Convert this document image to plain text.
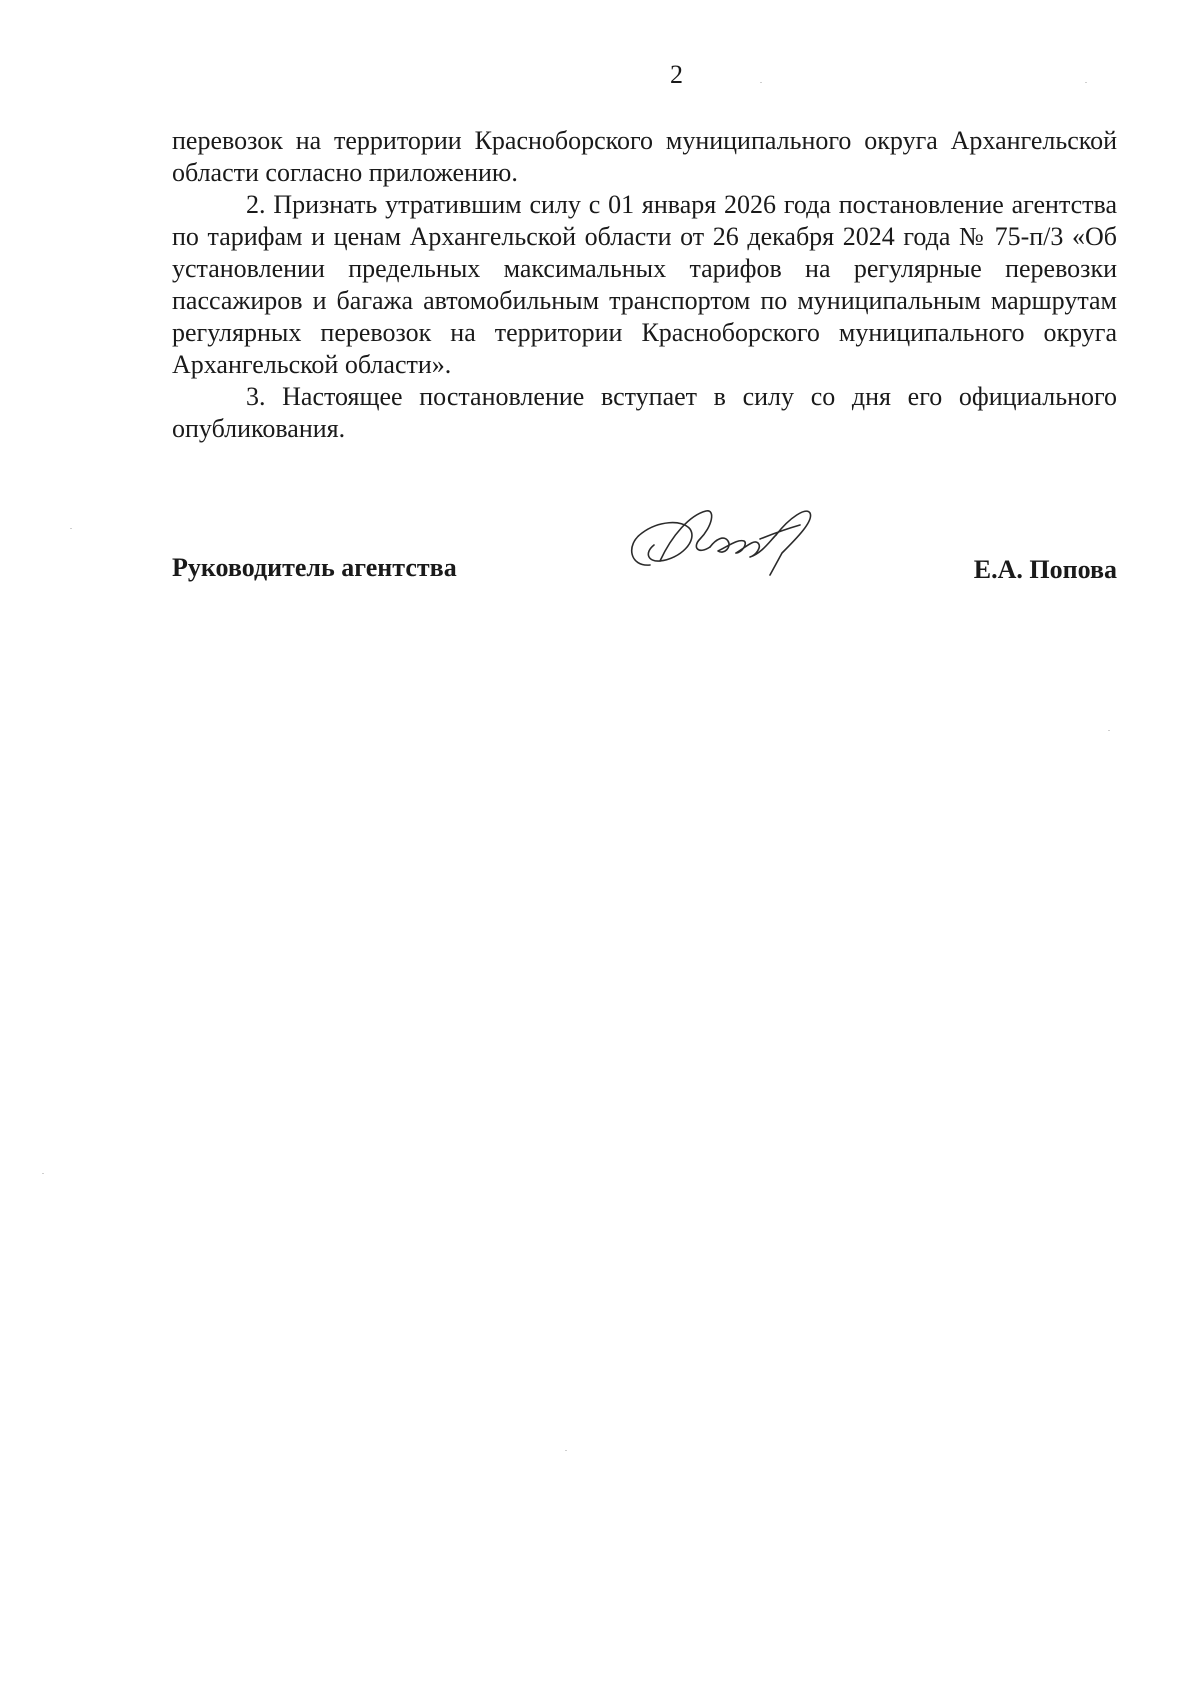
2

перевозок на территории Красноборского муниципального округа Архангельской области согласно приложению.

2. Признать утратившим силу с 01 января 2026 года постановление агентства по тарифам и ценам Архангельской области от 26 декабря 2024 года № 75-п/3 «Об установлении предельных максимальных тарифов на регулярные перевозки пассажиров и багажа автомобильным транспортом по муниципальным маршрутам регулярных перевозок на территории Красноборского муниципального округа Архангельской области».

3. Настоящее постановление вступает в силу со дня его официального опубликования.

Руководитель агентства	Е.А. Попова
